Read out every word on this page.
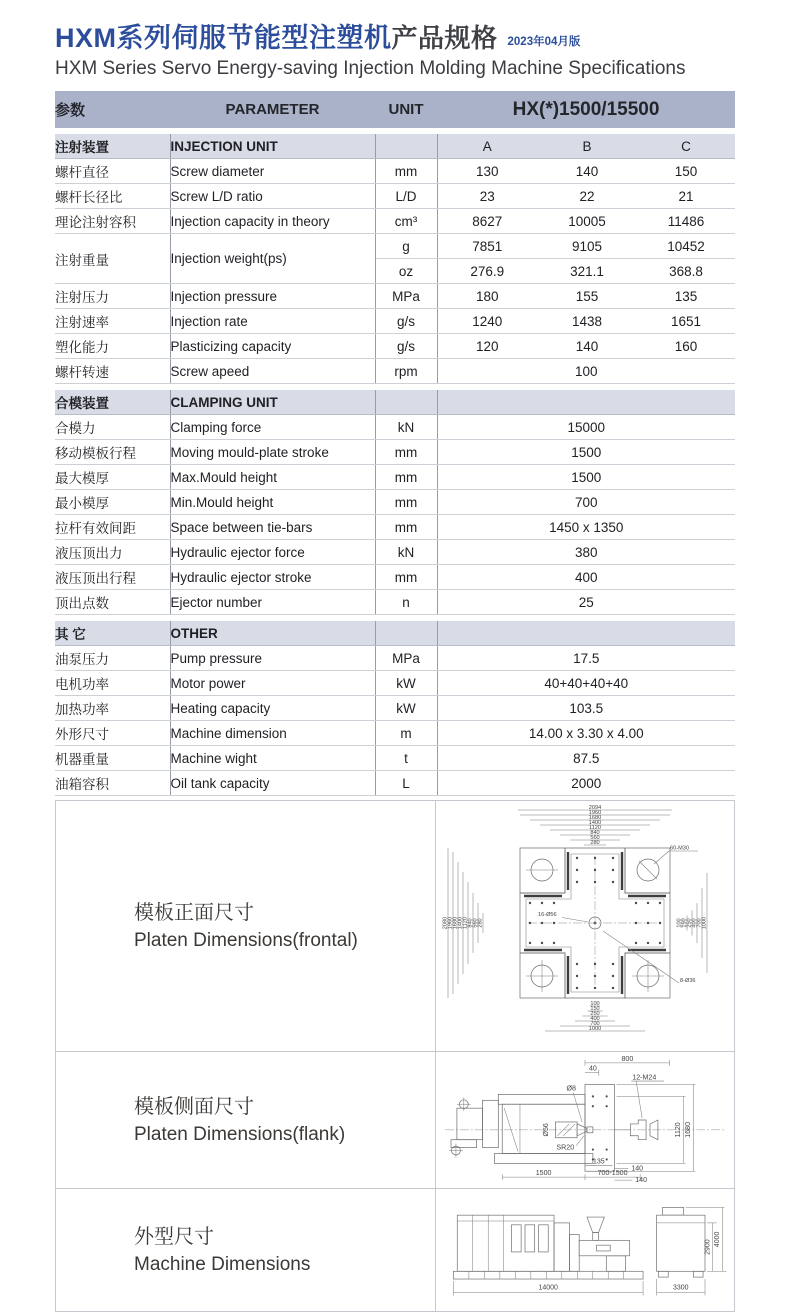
HXM系列伺服节能型注塑机产品规格 2023年04月版
HXM Series Servo Energy-saving Injection Molding Machine Specifications
参数	PARAMETER	UNIT	HX(*)1500/15500		

注射装置	INJECTION UNIT		A	B	C
螺杆直径	Screw diameter	mm	130	140	150
螺杆长径比	Screw L/D ratio	L/D	23	22	21
理论注射容积	Injection capacity in theory	cm³	8627	10005	11486
注射重量	Injection weight(ps)	g	7851	9105	10452
		oz	276.9	321.1	368.8
注射压力	Injection pressure	MPa	180	155	135
注射速率	Injection rate	g/s	1240	1438	1651
塑化能力	Plasticizing capacity	g/s	120	140	160
螺杆转速	Screw apeed	rpm	100		

合模装置	CLAMPING UNIT				
合模力	Clamping force	kN	15000		
移动模板行程	Moving mould-plate stroke	mm	1500		
最大模厚	Max.Mould height	mm	1500		
最小模厚	Min.Mould height	mm	700		
拉杆有效间距	Space between tie-bars	mm	1450 x 1350		
液压顶出力	Hydraulic ejector force	kN	380		
液压顶出行程	Hydraulic ejector stroke	mm	400		
顶出点数	Ejector number	n	25		

其 它	OTHER				
油泵压力	Pump pressure	MPa	17.5		
电机功率	Motor power	kW	40+40+40+40		
加热功率	Heating capacity	kW	103.5		
外形尺寸	Machine dimension	m	14.00 x 3.30 x 4.00		
机器重量	Machine wight	t	87.5		
油箱容积	Oil tank capacity	L	2000		
模板正面尺寸
Platen Dimensions(frontal)
2094
1960
1680
1400
1120
840
560
280
2080 1960 1680 1400 1120 840 560 280	100 150 250 400 700 1000
100
150
250
400
700
1000
60-M30
16-Ø56
8-Ø36
模板侧面尺寸
Platen Dimensions(flank)
800
40
12-M24
Ø8
Ø56
SR20
1120 1680
135
1500	700-1500
140
140
外型尺寸
Machine Dimensions
14000	3300
2900
4000
